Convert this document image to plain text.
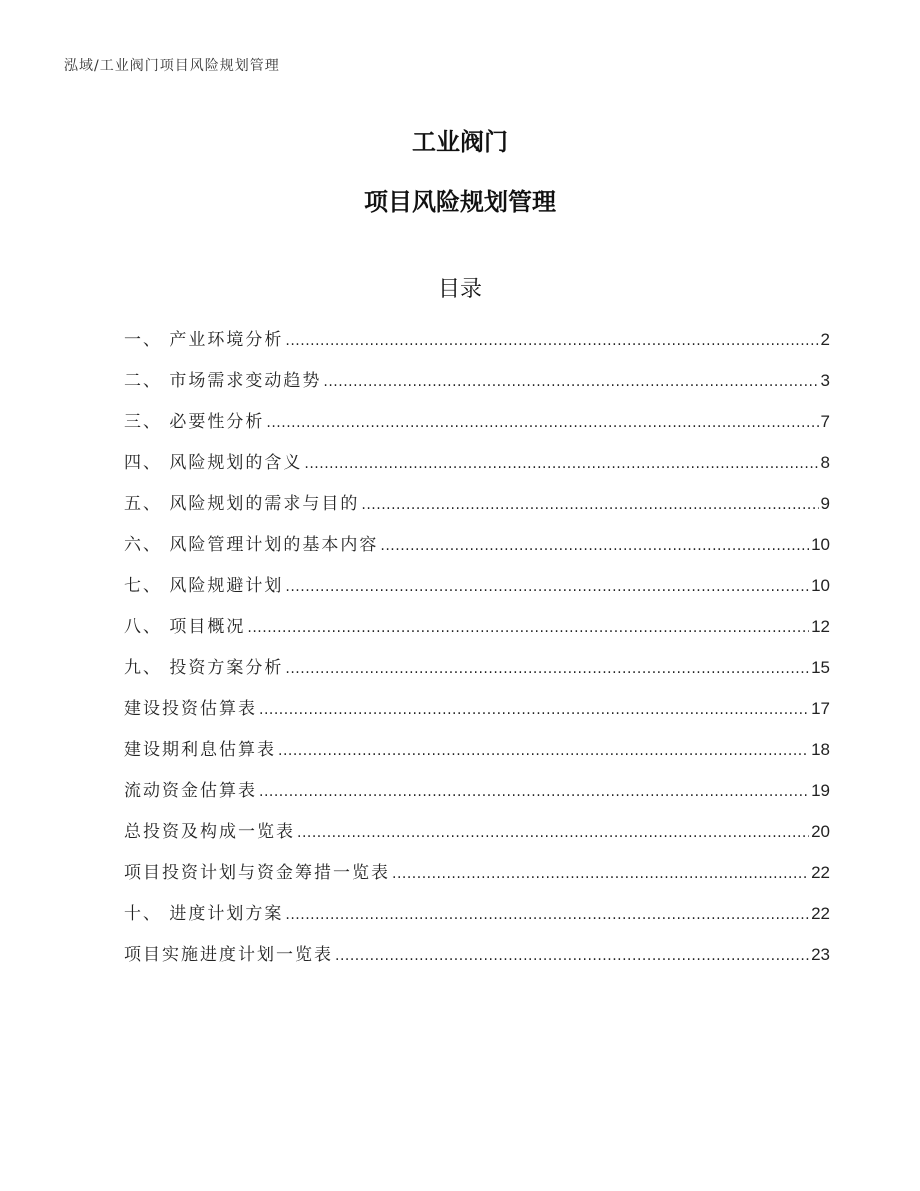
泓域/工业阀门项目风险规划管理
工业阀门
项目风险规划管理
目录
一、 产业环境分析 .....	2
二、 市场需求变动趋势 .....	3
三、 必要性分析 .....	7
四、 风险规划的含义 .....	8
五、 风险规划的需求与目的 .....	9
六、 风险管理计划的基本内容 .....	10
七、 风险规避计划 .....	10
八、 项目概况 .....	12
九、 投资方案分析 .....	15
建设投资估算表 .....	17
建设期利息估算表 .....	18
流动资金估算表 .....	19
总投资及构成一览表 .....	20
项目投资计划与资金筹措一览表 .....	22
十、 进度计划方案 .....	22
项目实施进度计划一览表 .....	23
